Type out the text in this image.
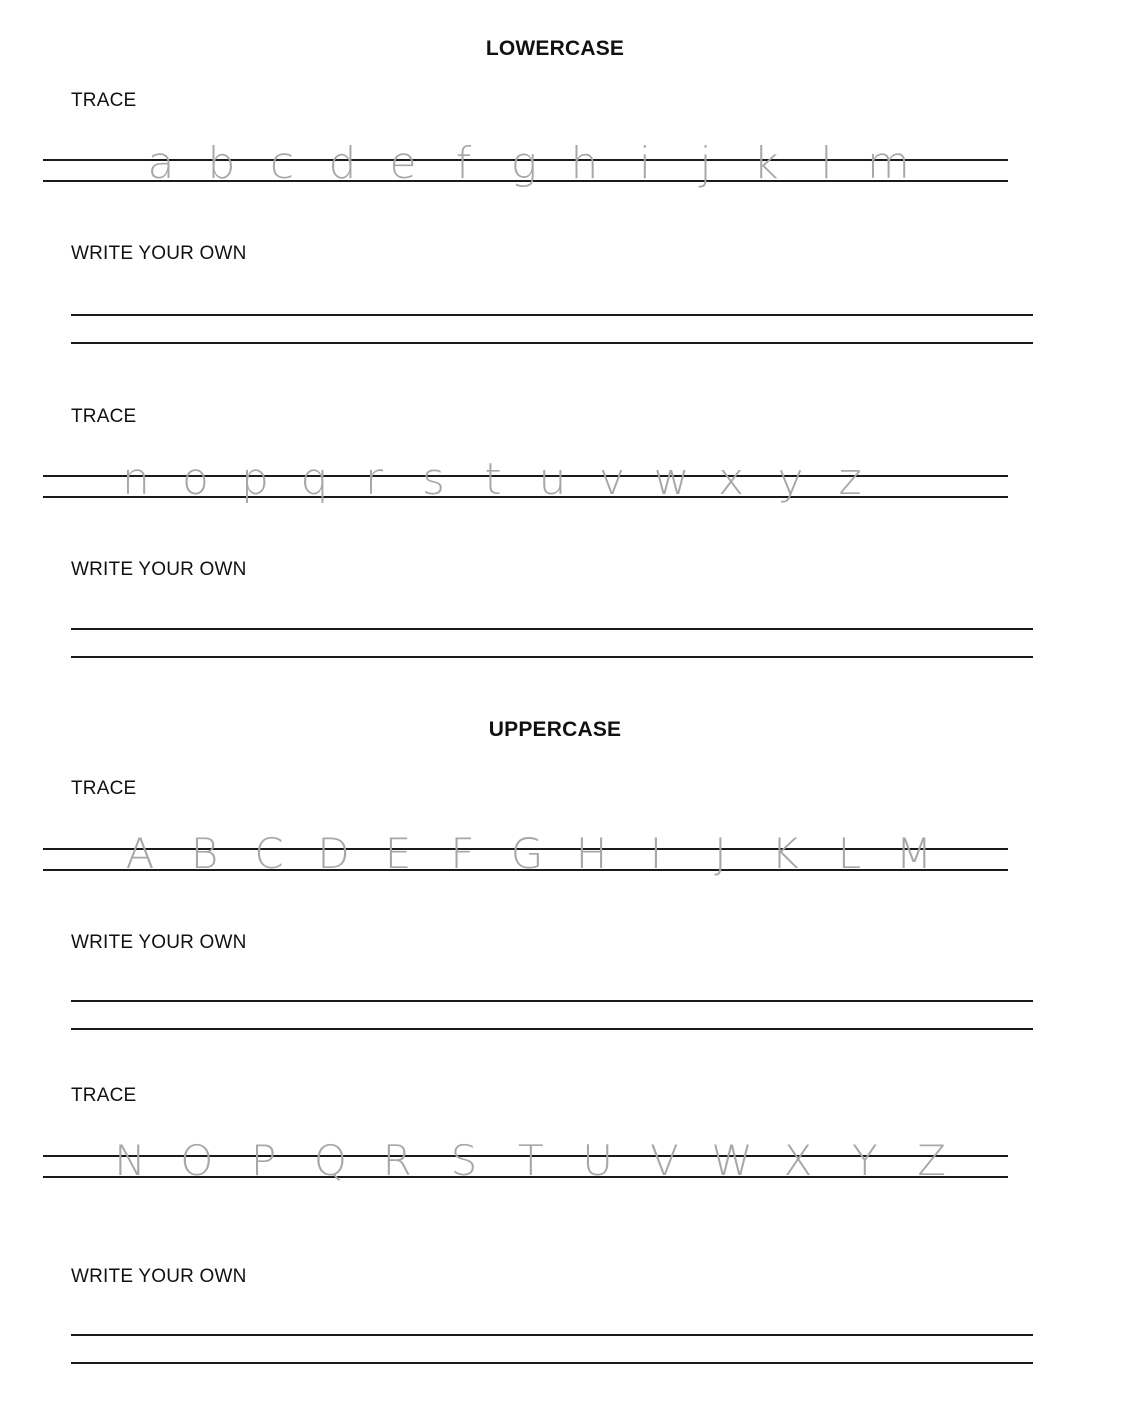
LOWERCASE
TRACE
a b c d e f g h i	j k l m
WRITE YOUR OWN
TRACE
n o p q r s t u v w x y z
WRITE YOUR OWN
UPPERCASE
TRACE
A B C D E F G H	I	J	K L M
WRITE YOUR OWN
TRACE
N O P Q R S T U V W X Y Z
WRITE YOUR OWN
